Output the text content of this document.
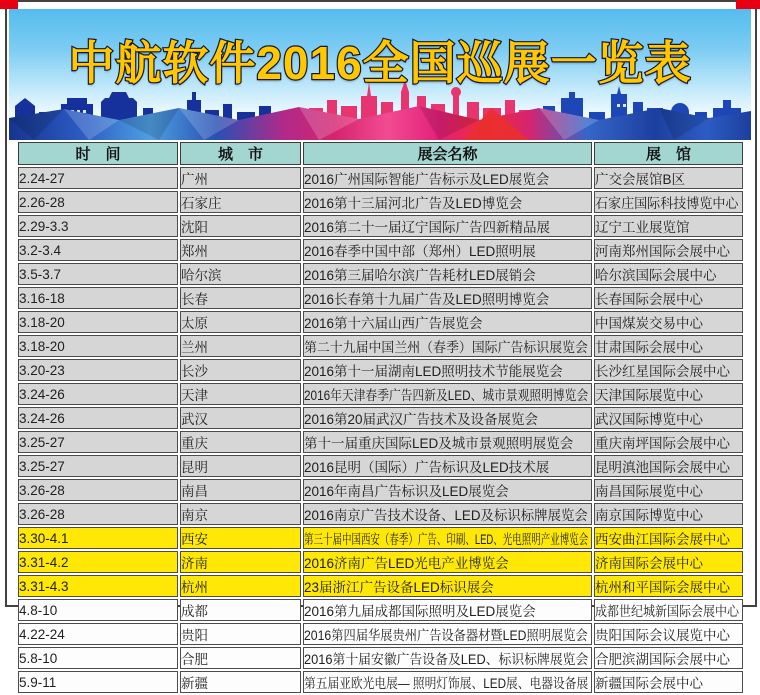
中航软件2016全国巡展一览表
时　间	城　市	展会名称	展　馆
2.24-27	广州	2016广州国际智能广告标示及LED展览会	广交会展馆B区
2.26-28	石家庄	2016第十三届河北广告及LED博览会	石家庄国际科技博览中心
2.29-3.3	沈阳	2016第二十一届辽宁国际广告四新精品展	辽宁工业展览馆
3.2-3.4	郑州	2016春季中国中部（郑州）LED照明展	河南郑州国际会展中心
3.5-3.7	哈尔滨	2016第三届哈尔滨广告耗材LED展销会	哈尔滨国际会展中心
3.16-18	长春	2016长春第十九届广告及LED照明博览会	长春国际会展中心
3.18-20	太原	2016第十六届山西广告展览会	中国煤炭交易中心
3.18-20	兰州	第二十九届中国兰州（春季）国际广告标识展览会	甘肃国际会展中心
3.20-23	长沙	2016第十一届湖南LED照明技术节能展览会	长沙红星国际会展中心
3.24-26	天津	2016年天津春季广告四新及LED、城市景观照明博览会	天津国际展览中心
3.24-26	武汉	2016第20届武汉广告技术及设备展览会	武汉国际博览中心
3.25-27	重庆	第十一届重庆国际LED及城市景观照明展览会	重庆南坪国际会展中心
3.25-27	昆明	2016昆明（国际）广告标识及LED技术展	昆明滇池国际会展中心
3.26-28	南昌	2016年南昌广告标识及LED展览会	南昌国际展览中心
3.26-28	南京	2016南京广告技术设备、LED及标识标牌展览会	南京国际博览中心
3.30-4.1	西安	第三十届中国西安（春季）广告、印刷、LED、光电照明产业博览会	西安曲江国际会展中心
3.31-4.2	济南	2016济南广告LED光电产业博览会	济南国际会展中心
3.31-4.3	杭州	23届浙江广告设备LED标识展会	杭州和平国际会展中心
4.8-10	成都	2016第九届成都国际照明及LED展览会	成都世纪城新国际会展中心
4.22-24	贵阳	2016第四届华展贵州广告设备器材暨LED照明展览会	贵阳国际会议展览中心
5.8-10	合肥	2016第十届安徽广告设备及LED、标识标牌展览会	合肥滨湖国际会展中心
5.9-11	新疆	第五届亚欧光电展— 照明灯饰展、LED展、电器设备展	新疆国际会展中心
